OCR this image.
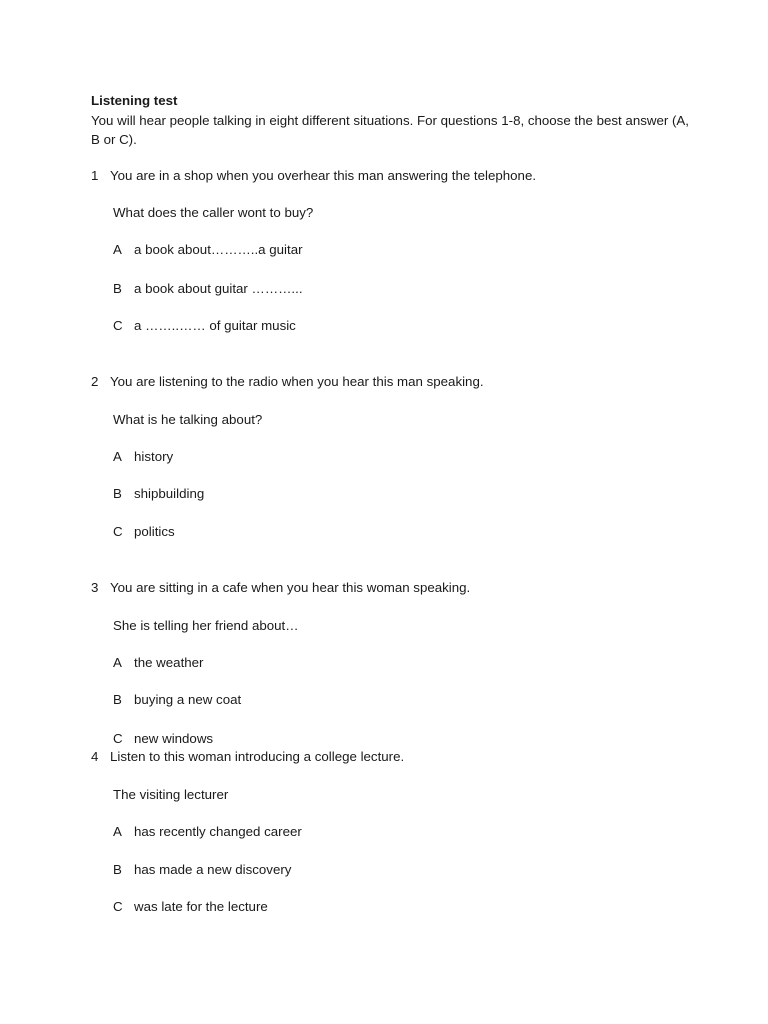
Listening test
You will hear people talking in eight different situations. For questions 1-8, choose the best answer (A, B or C).
1 You are in a shop when you overhear this man answering the telephone.
What does the caller wont to buy?
A a book about………..a guitar
B a book about guitar ………...
C a ……..…… of guitar music
2 You are listening to the radio when you hear this man speaking.
What is he talking about?
A history
B shipbuilding
C politics
3 You are sitting in a cafe when you hear this woman speaking.
She is telling her friend about…
A the weather
B buying a new coat
C new windows
4 Listen to this woman introducing a college lecture.
The visiting lecturer
A has recently changed career
B has made a new discovery
C was late for the lecture
